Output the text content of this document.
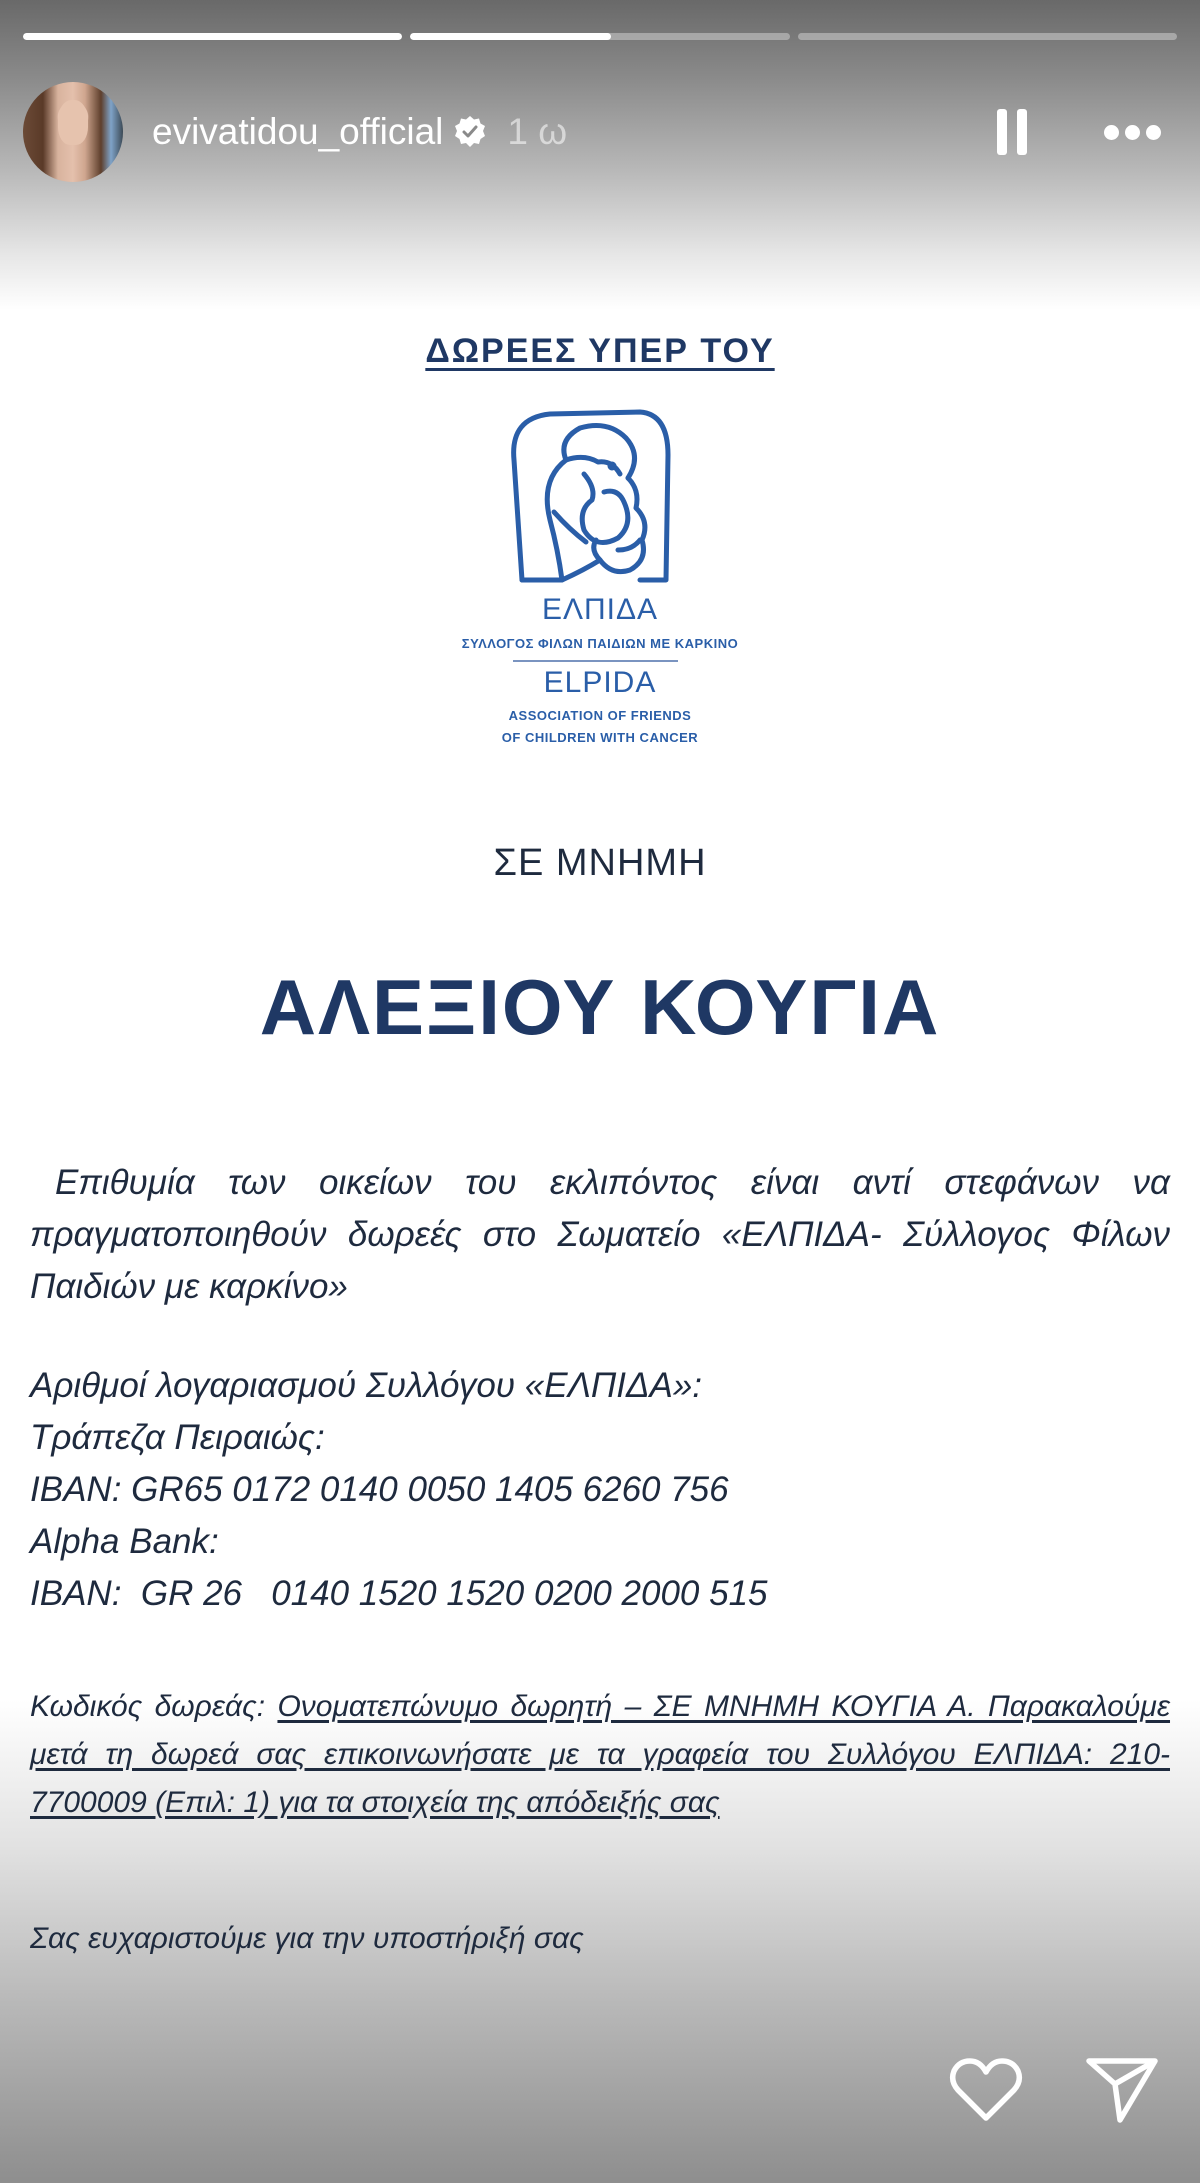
ΔΩΡΕΕΣ ΥΠΕΡ ΤΟΥ
ΕΛΠΙΔΑ
ΣΥΛΛΟΓΟΣ ΦΙΛΩΝ ΠΑΙΔΙΩΝ ΜΕ ΚΑΡΚΙΝΟ
ELPIDA
ASSOCIATION OF FRIENDS
OF CHILDREN WITH CANCER
ΣΕ ΜΝΗΜΗ
ΑΛΕΞΙΟΥ ΚΟΥΓΙΑ
Επιθυμία των οικείων του εκλιπόντος είναι αντί στεφάνων να πραγματοποιηθούν δωρεές στο Σωματείο «ΕΛΠΙΔΑ- Σύλλογος Φίλων Παιδιών με καρκίνο»
Αριθμοί λογαριασμού Συλλόγου «ΕΛΠΙΔΑ»:
Τράπεζα Πειραιώς:
IBAN: GR65 0172 0140 0050 1405 6260 756
Alpha Bank:
IBAN:  GR 26   0140 1520 1520 0200 2000 515
Κωδικός δωρεάς: Ονοματεπώνυμο δωρητή – ΣΕ ΜΝΗΜΗ ΚΟΥΓΙΑ Α. Παρακαλούμε μετά τη δωρεά σας επικοινωνήσατε με τα γραφεία του Συλλόγου ΕΛΠΙΔΑ: 210-7700009 (Επιλ: 1) για τα στοιχεία της απόδειξής σας
Σας ευχαριστούμε για την υποστήριξή σας
evivatidou_official 1 ω
